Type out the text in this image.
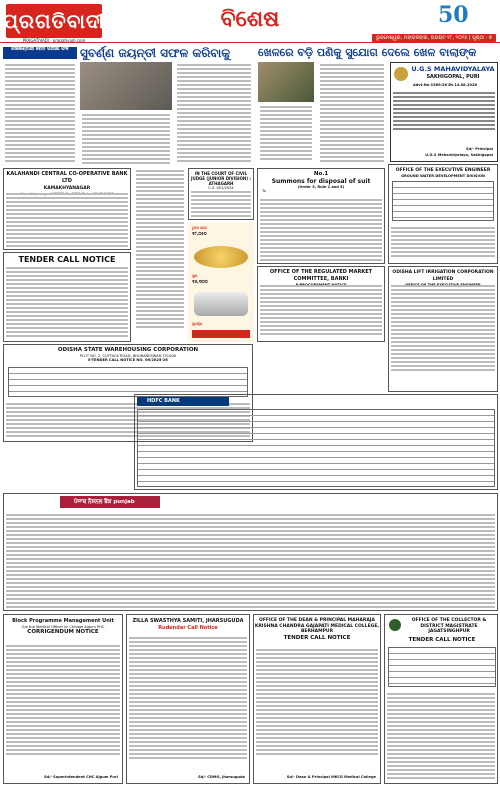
ପ୍ରଗତିବାଦୀ
PRAGATIVADI · pragativadi.com
ବିଶେଷ	50
ଭୁବନେଶ୍ୱର, ମଙ୍ଗଳବାର, ଅଗଷ୍ଟ ୧୮, ୨୦୨୫ | ପୃଷ୍ଠା : ୭
ସେକେଣ୍ଡାରୀ ବୋର୍ଡ ପରୀକ୍ଷା ଫଳ ସୁବର୍ଣ୍ଣ ଜୟନ୍ତୀ ସଫଳ କରିବାକୁ	ଖେଳରେ ବଡ଼ି ପଣିକୁ ସୁଯୋଗ ଦେଲେ ଖେଳ ବାଲାଙ୍କ
U.G.S MAHAVIDYALAYA
SAKHIGOPAL, PURI
Advt.No-1569/26 Dt.14.08.2026
Sd/- Principal
U.G.S Mahavidyalaya, Sakhigopal
KALAHANDI CENTRAL CO-OPERATIVE BANK LTD
KAMAKHYANAGAR
TENDER CALL NOTICE
ODISHA STATE WAREHOUSING CORPORATION
PLOT NO. 2, CUTTACK ROAD, BHUBANESWAR-751006
E-TENDER CALL NOTICE NO. 06/2025-26
IN THE COURT OF CIVIL JUDGE (JUNIOR DIVISION) : ATHAGARH
C.S. 401/2024
ଟୁଡେ ରେଟ
₹୮,୦୫୦
ସୁନା
₹୬,୩୦୦
ସୁବର୍ଣ୍ଣ
No.1
Summons for disposal of suit
(Order 5, Rule 1 and 5)
To
OFFICE OF THE REGULATED MARKET COMMITTEE, BANKI
OFFICE OF THE EXECUTIVE ENGINEER
GROUND WATER DEVELOPMENT DIVISION
ODISHA LIFT IRRIGATION CORPORATION LIMITED
HDFC BANK
ਪੰਜਾਬ ਨੈਸ਼ਨਲ ਬੈਂਕ punjab
Block Programme Management Unit
O/o the Medical Officer i/c Chhage Ajgum PHC
CORRIGENDUM NOTICE
Sd/- Superintendent CHC Ajgum Puri
ZILLA SWASTHYA SAMITI, JHARSUGUDA
Rudendar Call Notice
Sd/- CDMO, Jharsuguda
OFFICE OF THE DEAN & PRINCIPAL MAHARAJA KRISHNA CHANDRA GAJAPATI MEDICAL COLLEGE, BERHAMPUR
TENDER CALL NOTICE
Sd/- Dean & Principal MKCG Medical College
OFFICE OF THE COLLECTOR & DISTRICT MAGISTRATE JAGATSINGHPUR
TENDER CALL NOTICE
